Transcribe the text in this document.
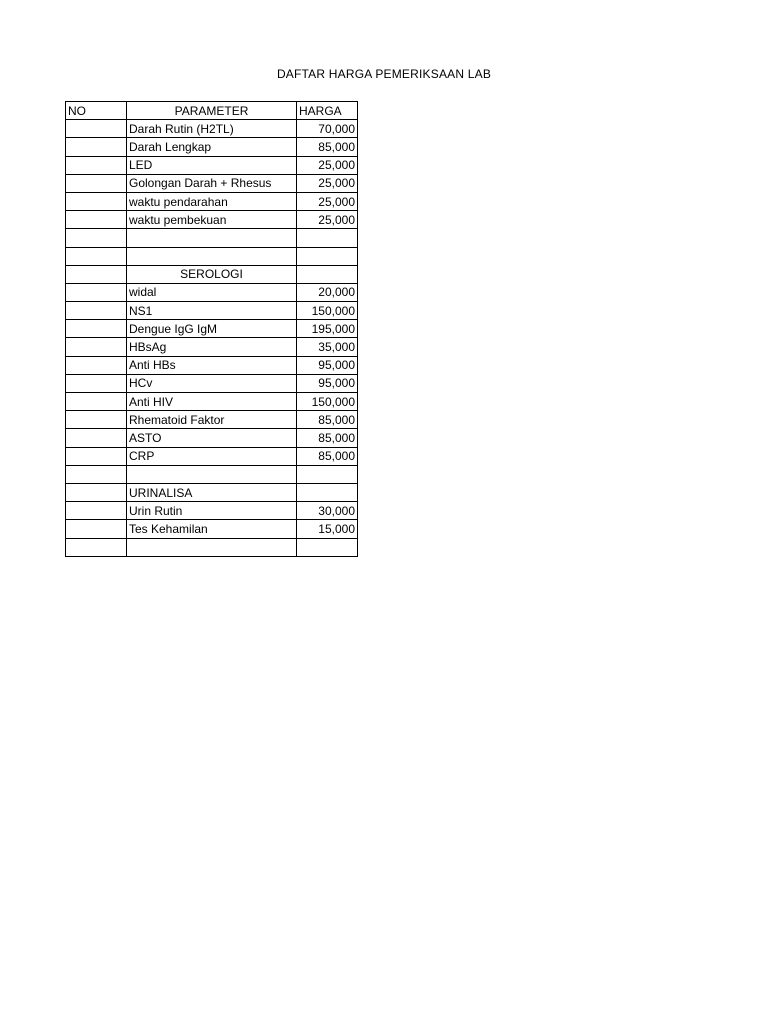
DAFTAR HARGA PEMERIKSAAN LAB
NO	PARAMETER	HARGA
	Darah Rutin (H2TL)	70,000
	Darah Lengkap	85,000
	LED	25,000
	Golongan Darah + Rhesus	25,000
	waktu pendarahan	25,000
	waktu pembekuan	25,000

	SEROLOGI	
	widal	20,000
	NS1	150,000
	Dengue IgG IgM	195,000
	HBsAg	35,000
	Anti HBs	95,000
	HCv	95,000
	Anti HIV	150,000
	Rhematoid Faktor	85,000
	ASTO	85,000
	CRP	85,000

	URINALISA	
	Urin Rutin	30,000
	Tes Kehamilan	15,000
